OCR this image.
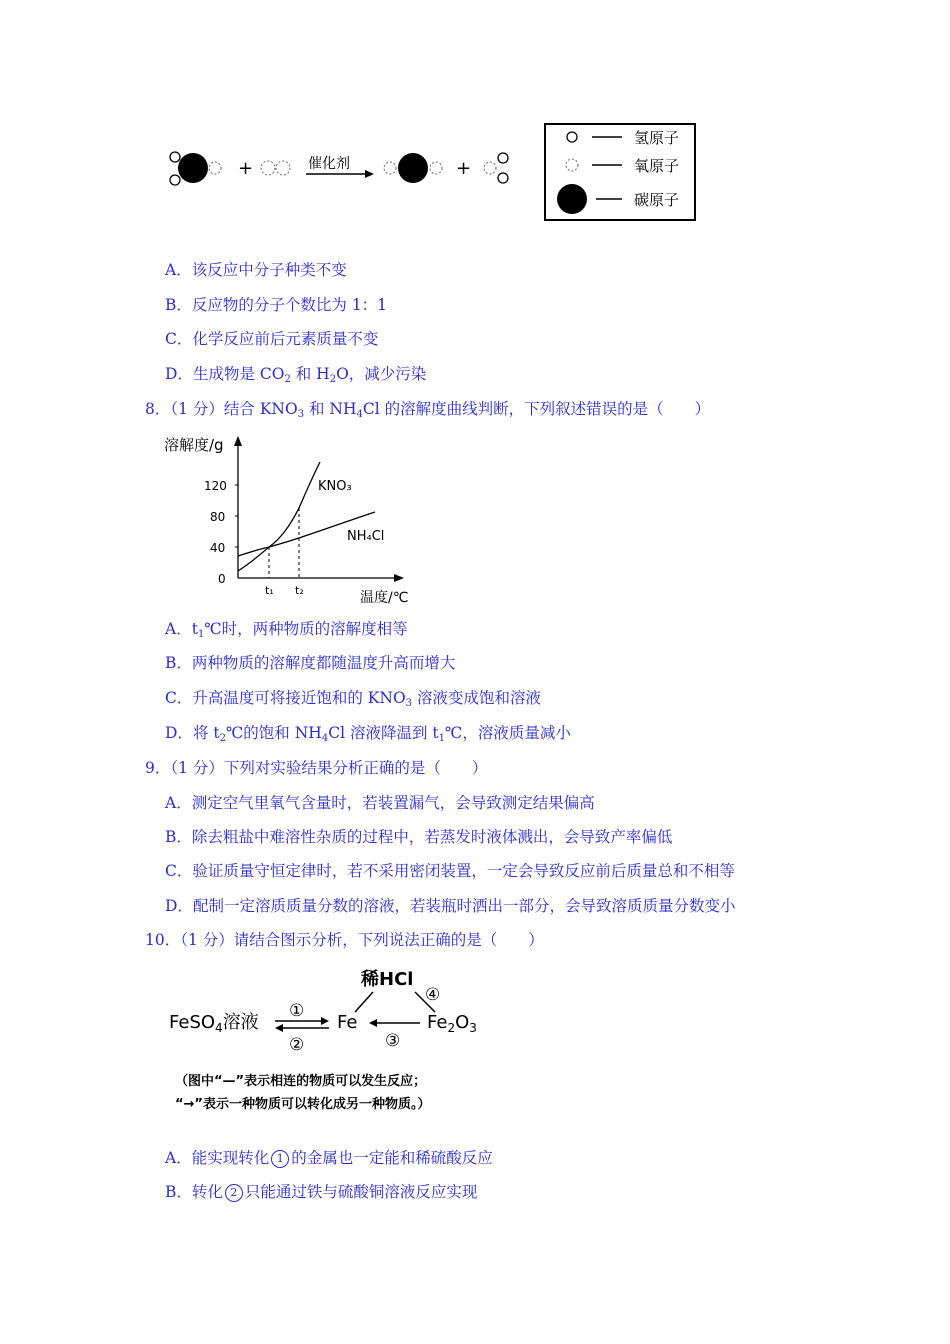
+	催化剂	+
氢原子
氧原子
碳原子
A．该反应中分子种类不变
B．反应物的分子个数比为 1：1
C．化学反应前后元素质量不变
D．生成物是 $CO_2$ 和 $H_2O$，减少污染
8．（1 分）结合 $KNO_3$ 和 $NH_4Cl$ 的溶解度曲线判断，下列叙述错误的是（　　）
溶解度/g
120
80
40
0
t₁ t₂	温度/℃
KNO₃
NH₄Cl
A．$t_1℃$时，两种物质的溶解度相等
B．两种物质的溶解度都随温度升高而增大
C．升高温度可将接近饱和的 $KNO_3$ 溶液变成饱和溶液
D．将 $t_2℃$的饱和 $NH_4Cl$ 溶液降温到 $t_1℃$，溶液质量减小
9．（1 分）下列对实验结果分析正确的是（　　）
A．测定空气里氧气含量时，若装置漏气，会导致测定结果偏高
B．除去粗盐中难溶性杂质的过程中，若蒸发时液体溅出，会导致产率偏低
C．验证质量守恒定律时，若不采用密闭装置，一定会导致反应前后质量总和不相等
D．配制一定溶质质量分数的溶液，若装瓶时洒出一部分，会导致溶质质量分数变小
10．（1 分）请结合图示分析，下列说法正确的是（　　）
稀HCl
④
FeSO$_4$溶液
①
②
Fe
③
$Fe_2O_3$
（图中“—”表示相连的物质可以发生反应；
“→”表示一种物质可以转化成另一种物质。）
A．能实现转化 1 的金属也一定能和稀硫酸反应
B．转化 2 只能通过铁与硫酸铜溶液反应实现
